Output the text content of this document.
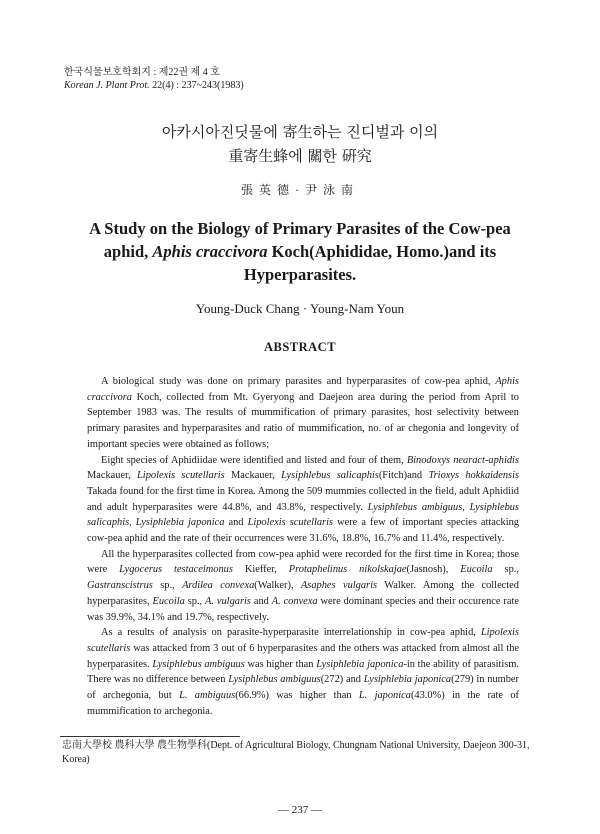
한국식물보호학회지 : 제22권 제 4 호
Korean J. Plant Prot. 22(4) : 237~243(1983)
아카시아진딧물에 寄生하는 진디벌과 이의
重寄生蜂에 關한 硏究
張英德·尹泳南
A Study on the Biology of Primary Parasites of the Cow-pea aphid, Aphis craccivora Koch(Aphididae, Homo.)and its Hyperparasites.
Young-Duck Chang · Young-Nam Youn
ABSTRACT

A biological study was done on primary parasites and hyperparasites of cow-pea aphid, Aphis craccivora Koch, collected from Mt. Gyeryong and Daejeon area during the period from April to September 1983 was. The results of mummification of primary parasites, host selectivity between primary parasites and hyperparasites and ratio of mummification, no. of ar chegonia and longevity of important species were obtained as follows;

Eight species of Aphidiidae were identified and listed and four of them, Binodoxys nearact-aphidis Mackauer, Lipolexis scutellaris Mackauer, Lysiphlebus salicaphis(Fitch)and Trioxys hokkaidensis Takada found for the first time in Korea. Among the 509 mummies collected in the field, adult Aphidiid and adult hyperparasites were 44.8%, and 43.8%, respectively. Lysiphlebus ambiguus, Lysiphlebus salicaphis, Lysiphlebia japonica and Lipolexis scutellaris were a few of important species attacking cow-pea aphid and the rate of their occurrences were 31.6%, 18.8%, 16.7% and 11.4%, respectively.

All the hyperparasites collected from cow-pea aphid were recorded for the first time in Korea; those were Lygocerus testaceimonus Kieffer, Protaphelinus nikolskajae(Jasnosh), Eucoila sp., Gastranscistrus sp., Ardilea convexa(Walker), Asaphes vulgaris Walker. Among the collected hyperparasites, Eucoila sp., A. vulgaris and A. convexa were dominant species and their occurence rate was 39.9%, 34.1% and 19.7%, respectively.

As a results of analysis on parasite-hyperparasite interrelationship in cow-pea aphid, Lipolexis scutellaris was attacked from 3 out of 6 hyperparasites and the others was attacked from almost all the hyperparasites. Lysiphlebus ambiguus was higher than Lysiphlebia japonica-in the ability of parasitism. There was no difference between Lysiphlebus ambiguus(272) and Lysiphlebia japonica(279) in number of archegonia, but L. ambiguus(66.9%) was higher than L. japonica(43.0%) in the rate of mummification to archegonia.

忠南大學校 農科大學 農生物學科(Dept. of Agricultural Biology, Chungnam National University, Daejeon 300-31, Korea)
— 237 —
